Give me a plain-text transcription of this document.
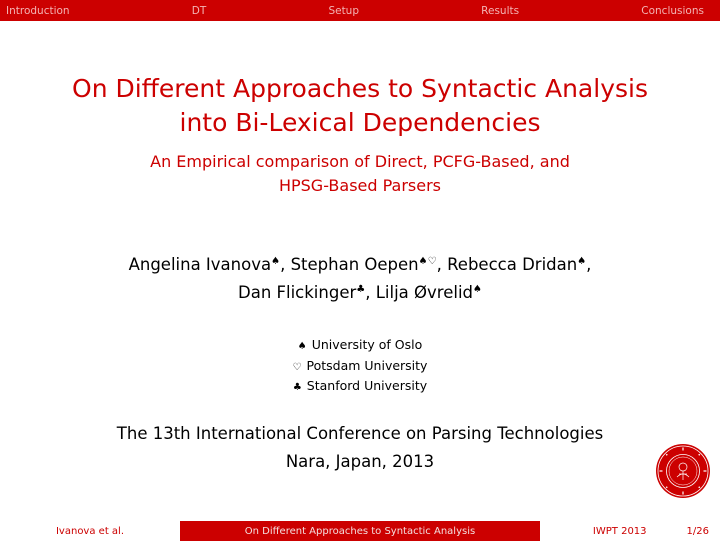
Introduction	DT	Setup	Results	Conclusions
On Different Approaches to Syntactic Analysis
into Bi-Lexical Dependencies
An Empirical comparison of Direct, PCFG-Based, and
HPSG-Based Parsers
Angelina Ivanova♠, Stephan Oepen♠♡, Rebecca Dridan♠,
Dan Flickinger♣, Lilja Øvrelid♠
♠ University of Oslo
♡ Potsdam University
♣ Stanford University
The 13th International Conference on Parsing Technologies
Nara, Japan, 2013
Ivanova et al.	On Different Approaches to Syntactic Analysis	IWPT 2013	1/26
